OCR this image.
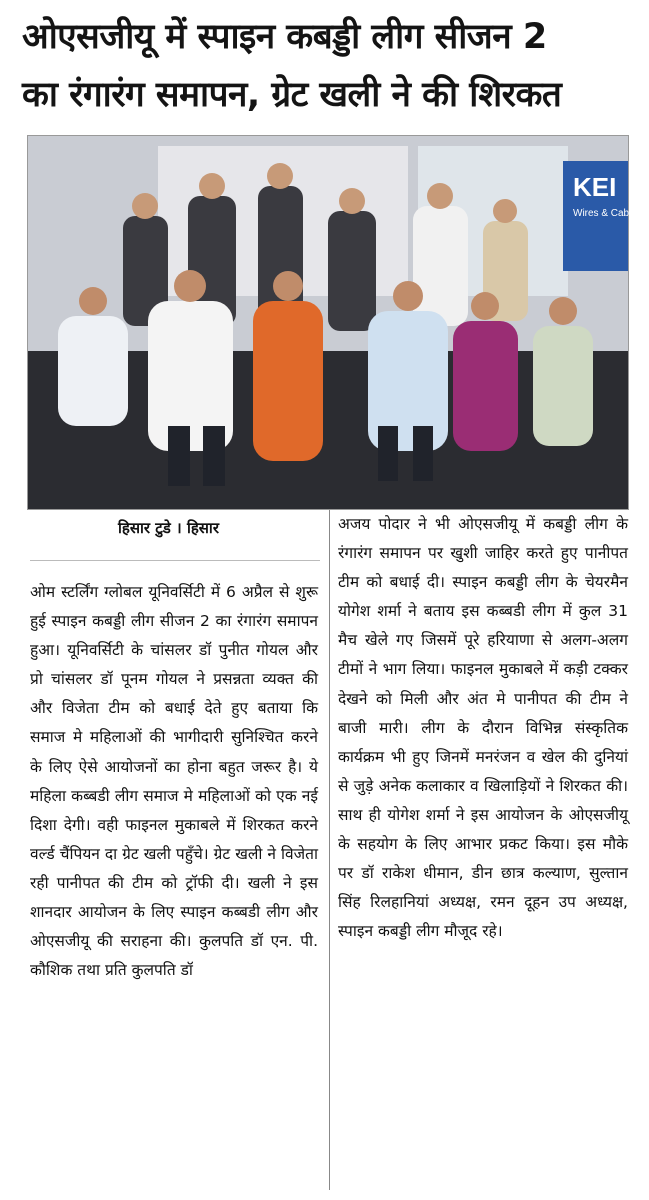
ओएसजीयू में स्पाइन कबड्डी लीग सीजन 2
का रंगारंग समापन, ग्रेट खली ने की शिरकत
KEI
Wires & Cables
हिसार टुडे । हिसार
ओम स्टर्लिंग ग्लोबल यूनिवर्सिटी में 6 अप्रैल से शुरू हुई स्पाइन कबड्डी लीग सीजन 2 का रंगारंग समापन हुआ। यूनिवर्सिटी के चांसलर डॉ पुनीत गोयल और प्रो चांसलर डॉ पूनम गोयल ने प्रसन्नता व्यक्त की और विजेता टीम को बधाई देते हुए बताया कि समाज मे महिलाओं की भागीदारी सुनिश्चित करने के लिए ऐसे आयोजनों का होना बहुत जरूर है। ये महिला कब्बडी लीग समाज मे महिलाओं को एक नई दिशा देगी। वही फाइनल मुकाबले में शिरकत करने वर्ल्ड चैंपियन दा ग्रेट खली पहुँचे। ग्रेट खली ने विजेता रही पानीपत की टीम को ट्रॉफी दी। खली ने इस शानदार आयोजन के लिए स्पाइन कब्बडी लीग और ओएसजीयू की सराहना की। कुलपति डॉ एन. पी. कौशिक तथा प्रति कुलपति डॉ
अजय पोदार ने भी ओएसजीयू में कबड्डी लीग के रंगारंग समापन पर खुशी जाहिर करते हुए पानीपत टीम को बधाई दी। स्पाइन कबड्डी लीग के चेयरमैन योगेश शर्मा ने बताय इस कब्बडी लीग में कुल 31 मैच खेले गए जिसमें पूरे हरियाणा से अलग-अलग टीमों ने भाग लिया। फाइनल मुकाबले में कड़ी टक्कर देखने को मिली और अंत मे पानीपत की टीम ने बाजी मारी। लीग के दौरान विभिन्न संस्कृतिक कार्यक्रम भी हुए जिनमें मनरंजन व खेल की दुनियां से जुड़े अनेक कलाकार व खिलाड़ियों ने शिरकत की। साथ ही योगेश शर्मा ने इस आयोजन के ओएसजीयू के सहयोग के लिए आभार प्रकट किया। इस मौके पर डॉ राकेश धीमान, डीन छात्र कल्याण, सुल्तान सिंह रिलहानियां अध्यक्ष, रमन दूहन उप अध्यक्ष, स्पाइन कबड्डी लीग मौजूद रहे।
